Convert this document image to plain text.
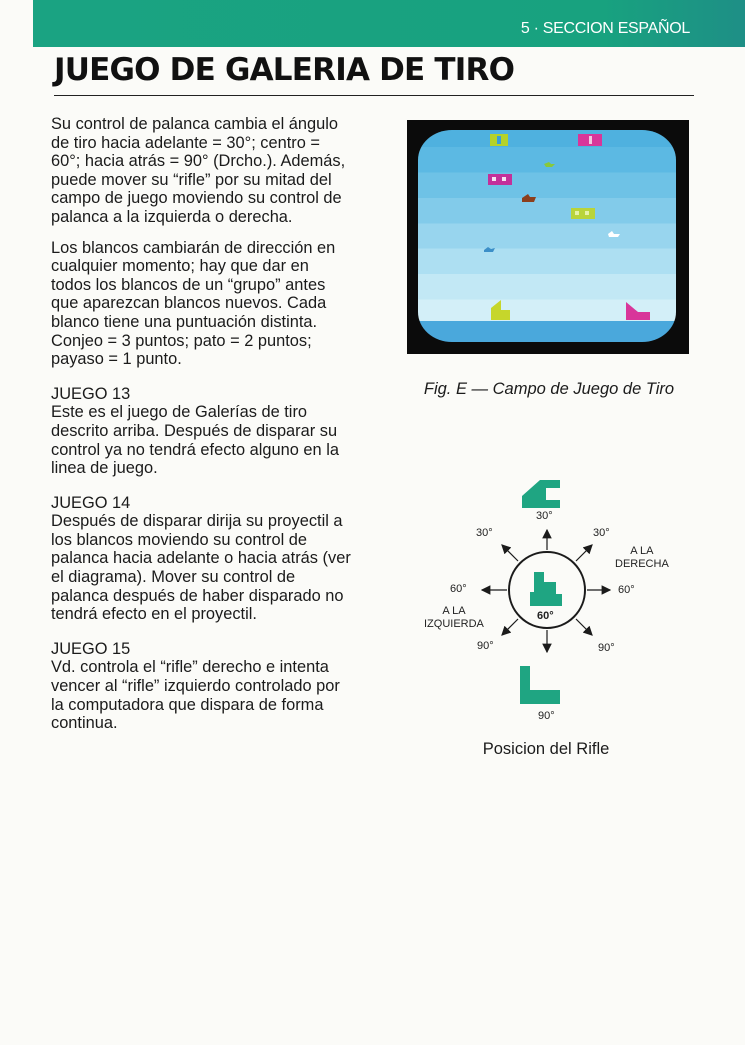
5 · SECCION ESPAÑOL
JUEGO DE GALERIA DE TIRO

Su control de palanca cambia el ángulo de tiro hacia adelante = 30°; centro = 60°; hacia atrás = 90° (Drcho.). Además, puede mover su “rifle” por su mitad del campo de juego moviendo su control de palanca a la izquierda o derecha.

Los blancos cambiarán de dirección en cualquier momento; hay que dar en todos los blancos de un “grupo” antes que aparezcan blancos nuevos. Cada blanco tiene una puntuación distinta. Conjeo = 3 puntos; pato = 2 puntos; payaso = 1 punto.

JUEGO 13

Este es el juego de Galerías de tiro descrito arriba. Después de disparar su control ya no tendrá efecto alguno en la linea de juego.

JUEGO 14

Después de disparar dirija su proyectil a los blancos moviendo su control de palanca hacia adelante o hacia atrás (ver el diagrama). Mover su control de palanca después de haber disparado no tendrá efecto en el proyectil.

JUEGO 15

Vd. controla el “rifle” derecho e intenta vencer al “rifle” izquierdo controlado por la computadora que dispara de forma continua.

Fig. E — Campo de Juego de Tiro

30°
30°	30°
A LA
DERECHA
60°	60°
A LA
IZQUIERDA
60°
90°	90°
90°

Posicion del Rifle
